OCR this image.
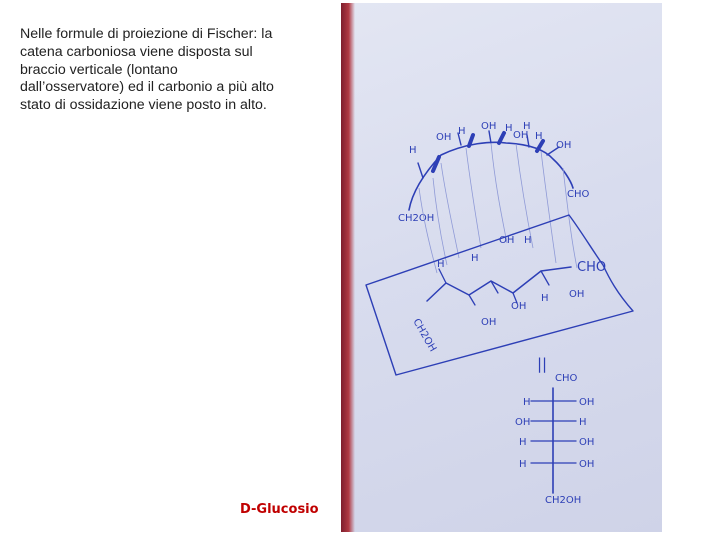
Nelle formule di proiezione di Fischer: la
catena carboniosa viene disposta sul
braccio verticale (lontano
dall’osservatore) ed il carbonio a più alto
stato di ossidazione viene posto in alto.
D-Glucosio
H
OH
H OH H
OH
H
H
OH
CH2OH
CHO
H
H
OH H
CHO
CH2OH	OH
OH
H OH
||
CHO
H	OH
OH	H
H	OH
H	OH
CH2OH
